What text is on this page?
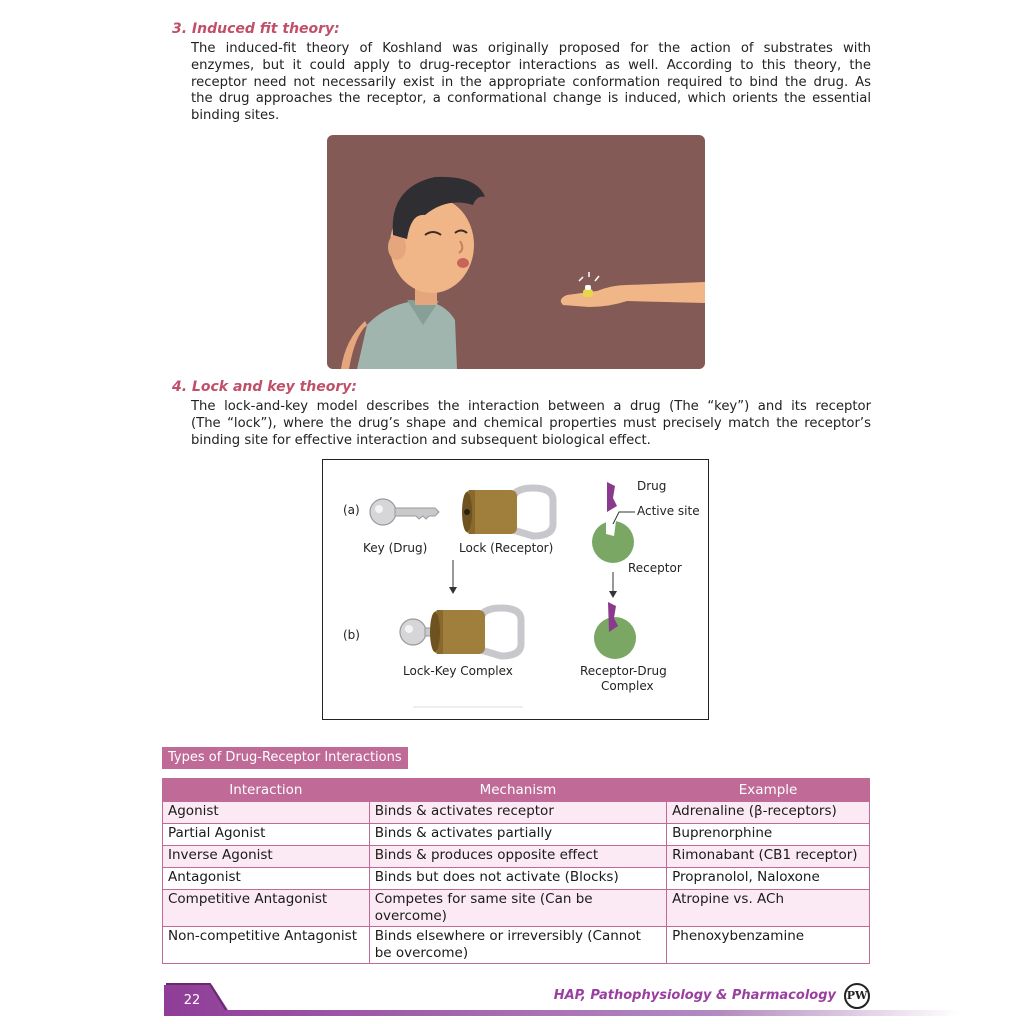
3. Induced fit theory:
The induced-fit theory of Koshland was originally proposed for the action of substrates with
enzymes, but it could apply to drug-receptor interactions as well. According to this theory, the
receptor need not necessarily exist in the appropriate conformation required to bind the drug. As
the drug approaches the receptor, a conformational change is induced, which orients the essential
binding sites.
4. Lock and key theory:
The lock-and-key model describes the interaction between a drug (The “key”) and its receptor
(The “lock”), where the drug’s shape and chemical properties must precisely match the receptor’s
binding site for effective interaction and subsequent biological effect.
(a)
(b)
Key (Drug)	Lock (Receptor)
Lock-Key Complex
Drug
Active site
Receptor
Receptor-Drug
Complex
Types of Drug-Receptor Interactions
Interaction	Mechanism	Example
Agonist	Binds & activates receptor	Adrenaline (β-receptors)
Partial Agonist	Binds & activates partially	Buprenorphine
Inverse Agonist	Binds & produces opposite effect	Rimonabant (CB1 receptor)
Antagonist	Binds but does not activate (Blocks)	Propranolol, Naloxone
Competitive Antagonist	Competes for same site (Can be overcome)	Atropine vs. ACh
Non-competitive Antagonist	Binds elsewhere or irreversibly (Cannot be overcome)	Phenoxybenzamine
22	HAP, Pathophysiology & Pharmacology PW
